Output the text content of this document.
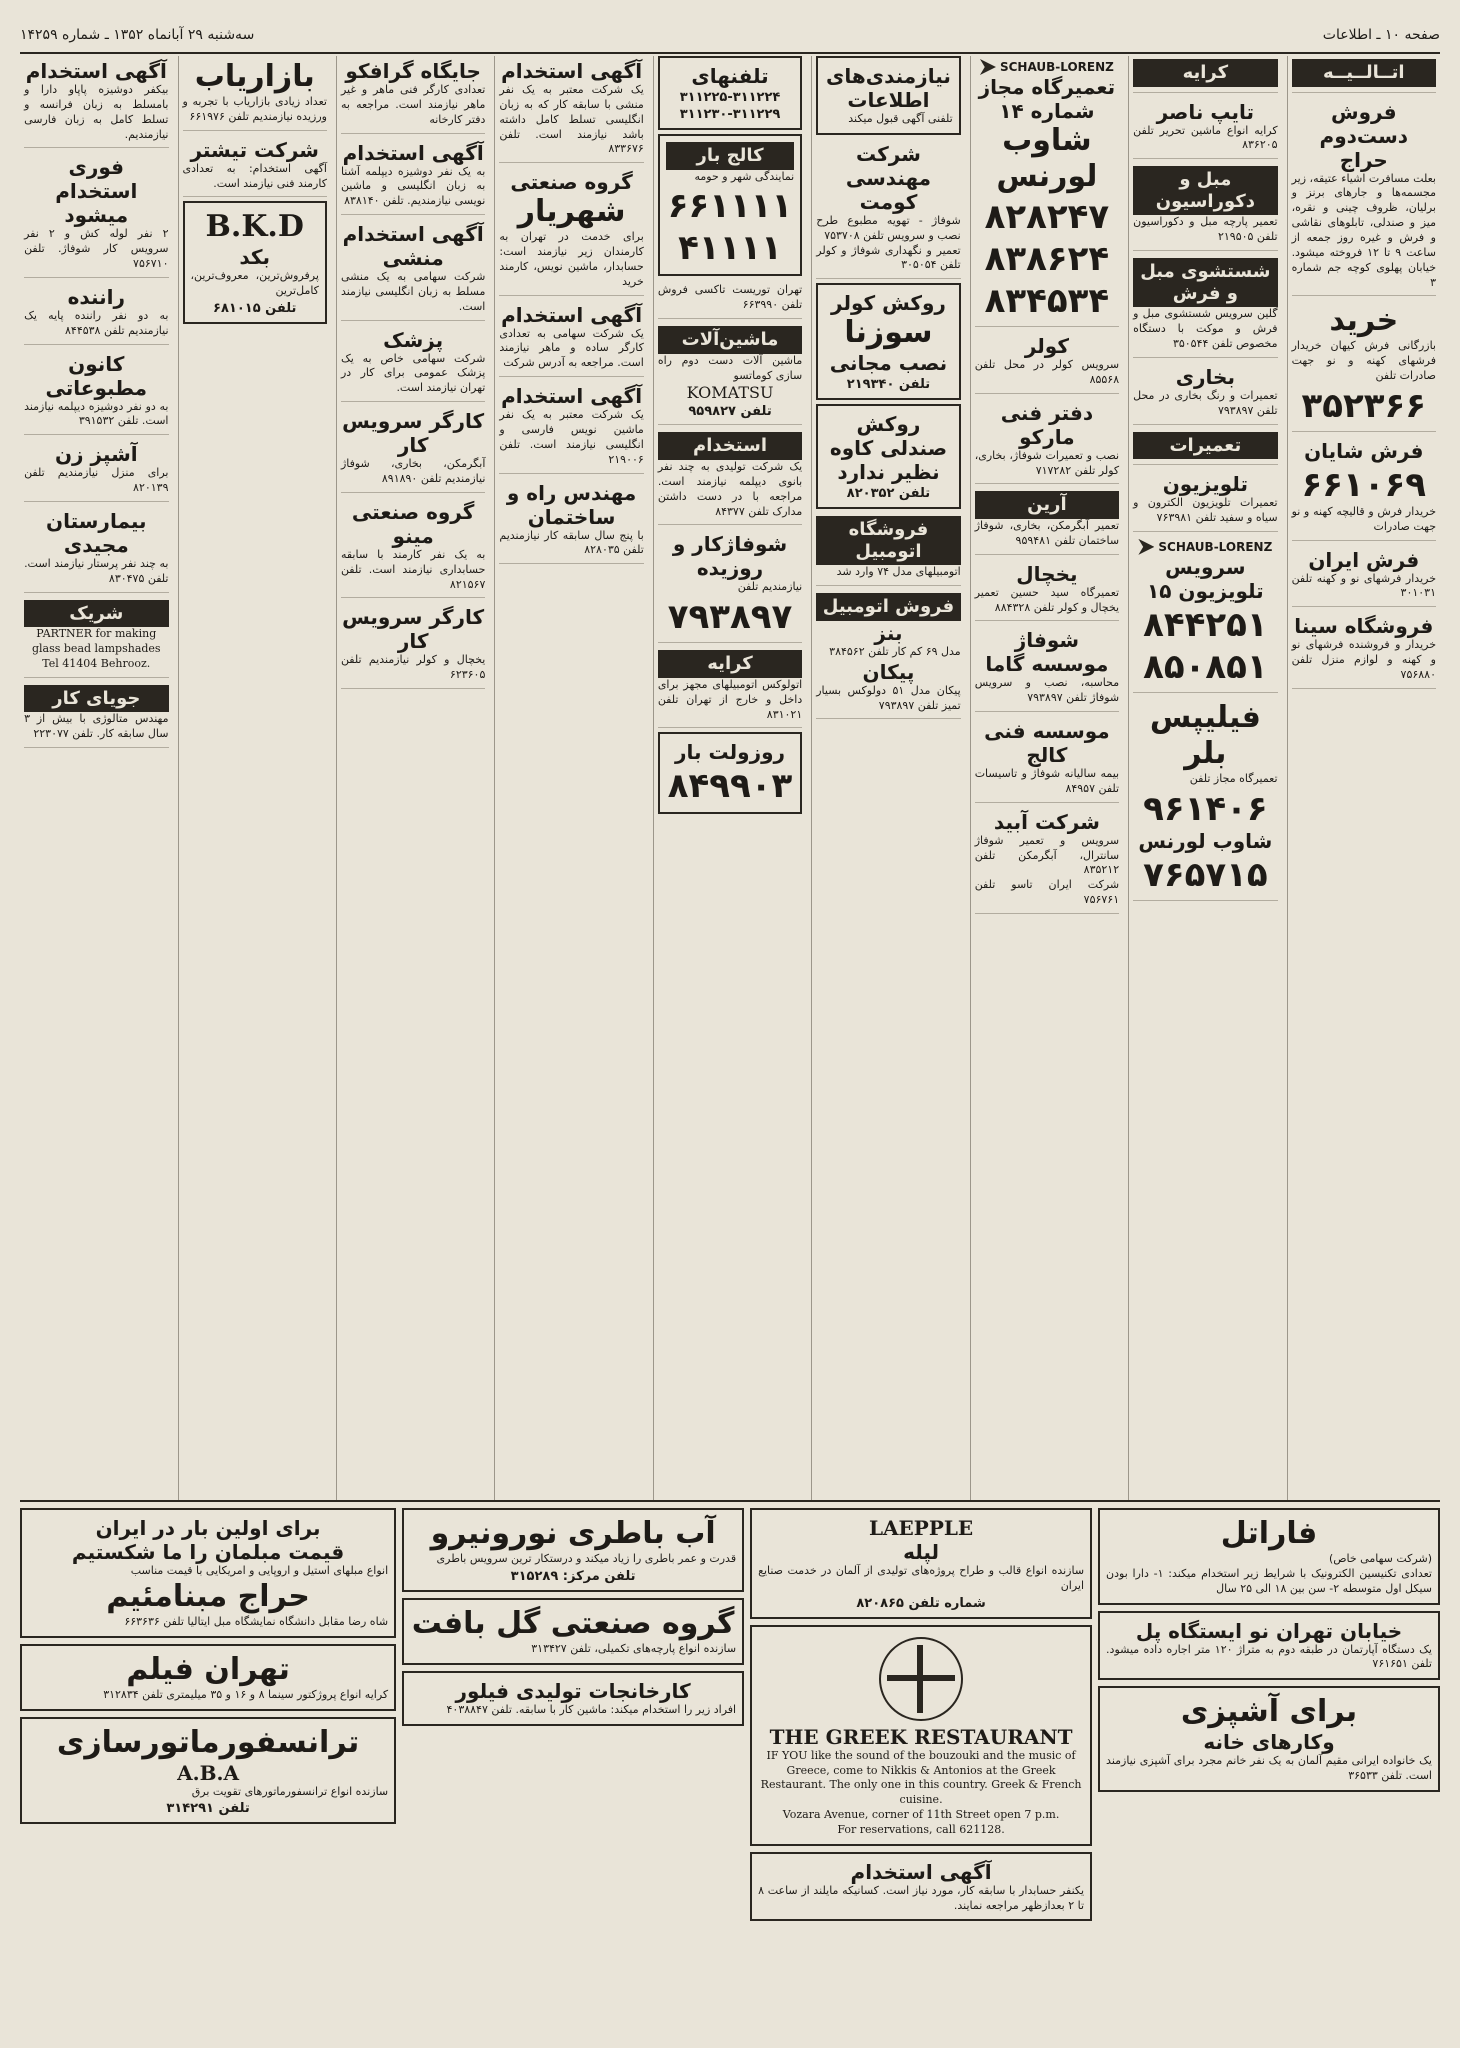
صفحه ۱۰ ـ اطلاعات
سه‌شنبه ۲۹ آبانماه ۱۳۵۲ ـ شماره ۱۴۲۵۹
اتــالــیــه
فروش دست‌دوم
حراج
بعلت مسافرت اشیاء عتیقه، زیر مجسمه‌ها و جارهای برنز و برلیان، ظروف چینی و نقره، میز و صندلی، تابلوهای نقاشی و فرش و غیره روز جمعه از ساعت ۹ تا ۱۲ فروخته میشود. خیابان پهلوی کوچه جم شماره ۳
خرید
بازرگانی فرش کیهان خریدار فرشهای کهنه و نو جهت صادرات تلفن
۳۵۲۳۶۶
فرش شایان
۶۶۱۰۶۹
خریدار فرش و قالیچه کهنه و نو جهت صادرات
فرش ایران
خریدار فرشهای نو و کهنه تلفن ۳۰۱۰۳۱
فروشگاه سینا
خریدار و فروشنده فرشهای نو و کهنه و لوازم منزل تلفن ۷۵۶۸۸۰
کرایه
تایپ ناصر
کرایه انواع ماشین تحریر تلفن ۸۳۶۲۰۵
مبل و دکوراسیون
تعمیر پارچه مبل و دکوراسیون تلفن ۲۱۹۵۰۵
شستشوی مبل و فرش
گلین سرویس شستشوی مبل و فرش و موکت با دستگاه مخصوص تلفن ۳۵۰۵۴۴
بخاری
تعمیرات و رنگ بخاری در محل تلفن ۷۹۳۸۹۷
تعمیرات
تلویزیون
تعمیرات تلویزیون الکترون و سیاه و سفید تلفن ۷۶۳۹۸۱
SCHAUB-LORENZ
سرویس تلویزیون ۱۵
۸۴۴۲۵۱
۸۵۰۸۵۱
فیلیپس بلر
تعمیرگاه مجاز تلفن
۹۶۱۴۰۶
شاوب لورنس
۷۶۵۷۱۵
SCHAUB-LORENZ
تعمیرگاه مجاز شماره ۱۴
شاوب لورنس
۸۲۸۲۴۷
۸۳۸۶۲۴
۸۳۴۵۳۴
کولر
سرویس کولر در محل تلفن ۸۵۵۶۸
دفتر فنی مارکو
نصب و تعمیرات شوفاژ، بخاری، کولر تلفن ۷۱۷۲۸۲
آرین
تعمیر آبگرمکن، بخاری، شوفاژ ساختمان تلفن ۹۵۹۴۸۱
یخچال
تعمیرگاه سید حسین تعمیر یخچال و کولر تلفن ۸۸۴۳۲۸
شوفاژ
موسسه گاما
محاسبه، نصب و سرویس شوفاژ تلفن ۷۹۳۸۹۷
موسسه فنی کالج
بیمه سالیانه شوفاژ و تاسیسات تلفن ۸۴۹۵۷
شرکت آبید
سرویس و تعمیر شوفاژ سانترال، آبگرمکن تلفن ۸۳۵۲۱۲
شرکت ایران تاسو تلفن ۷۵۶۷۶۱
نیازمندی‌های اطلاعات
تلفنی آگهی قبول میکند
شرکت مهندسی کومت
شوفاژ - تهویه مطبوع طرح نصب و سرویس تلفن ۷۵۳۷۰۸
تعمیر و نگهداری شوفاژ و کولر تلفن ۳۰۵۰۵۴
روکش کولر
سوزنا
نصب مجانی
تلفن ۲۱۹۳۴۰
روکش صندلی کاوه
نظیر ندارد
تلفن ۸۲۰۳۵۲
فروشگاه اتومبیل
اتومبیلهای مدل ۷۴ وارد شد
فروش اتومبیل
بنز
مدل ۶۹ کم کار تلفن ۳۸۴۵۶۲
پیکان
پیکان مدل ۵۱ دولوکس بسیار تمیز تلفن ۷۹۳۸۹۷
تلفنهای
۳۱۱۲۲۵-۳۱۱۲۲۴
۳۱۱۲۳۰-۳۱۱۲۲۹
کالج بار
نمایندگی شهر و حومه
۶۶۱۱۱۱
۴۱۱۱۱
تهران توریست تاکسی فروش تلفن ۶۶۳۹۹۰
ماشین‌آلات
ماشین آلات دست دوم راه سازی کوماتسو
KOMATSU
تلفن ۹۵۹۸۲۷
استخدام
یک شرکت تولیدی به چند نفر بانوی دیپلمه نیازمند است. مراجعه با در دست داشتن مدارک تلفن ۸۴۳۷۷
شوفاژکار و روزیده
نیازمندیم تلفن
۷۹۳۸۹۷
کرایه
اتولوکس اتومبیلهای مجهز برای داخل و خارج از تهران تلفن ۸۳۱۰۲۱
روزولت بار
۸۴۹۹۰۳
آگهی استخدام
یک شرکت معتبر به یک نفر منشی با سابقه کار که به زبان انگلیسی تسلط کامل داشته باشد نیازمند است. تلفن ۸۳۳۶۷۶
گروه صنعتی
شهریار
برای خدمت در تهران به کارمندان زیر نیازمند است: حسابدار، ماشین نویس، کارمند خرید
آگهی استخدام
یک شرکت سهامی به تعدادی کارگر ساده و ماهر نیازمند است. مراجعه به آدرس شرکت
آگهی استخدام
یک شرکت معتبر به یک نفر ماشین نویس فارسی و انگلیسی نیازمند است. تلفن ۲۱۹۰۰۶
مهندس راه و ساختمان
با پنج سال سابقه کار نیازمندیم تلفن ۸۲۸۰۳۵
جایگاه گرافکو
تعدادی کارگر فنی ماهر و غیر ماهر نیازمند است. مراجعه به دفتر کارخانه
آگهی استخدام
به یک نفر دوشیزه دیپلمه آشنا به زبان انگلیسی و ماشین نویسی نیازمندیم. تلفن ۸۳۸۱۴۰
آگهی استخدام منشی
شرکت سهامی به یک منشی مسلط به زبان انگلیسی نیازمند است.
پزشک
شرکت سهامی خاص به یک پزشک عمومی برای کار در تهران نیازمند است.
کارگر سرویس کار
آبگرمکن، بخاری، شوفاژ نیازمندیم تلفن ۸۹۱۸۹۰
گروه صنعتی مینو
به یک نفر کارمند با سابقه حسابداری نیازمند است. تلفن ۸۲۱۵۶۷
کارگر سرویس کار
یخچال و کولر نیازمندیم تلفن ۶۲۳۶۰۵
بازاریاب
تعداد زیادی بازاریاب با تجربه و ورزیده نیازمندیم تلفن ۶۶۱۹۷۶
شرکت تیشتر
آگهی استخدام: به تعدادی کارمند فنی نیازمند است.
B.K.D
بکد
پرفروش‌ترین، معروف‌ترین، کامل‌ترین
تلفن ۶۸۱۰۱۵
آگهی استخدام
بیکفر دوشیزه پاپاو دارا و بامسلط به زبان فرانسه و تسلط کامل به زبان فارسی نیازمندیم.
فوری استخدام میشود
۲ نفر لوله کش و ۲ نفر سرویس کار شوفاژ. تلفن ۷۵۶۷۱۰
راننده
به دو نفر راننده پایه یک نیازمندیم تلفن ۸۴۴۵۳۸
کانون مطبوعاتی
به دو نفر دوشیزه دیپلمه نیازمند است. تلفن ۳۹۱۵۳۲
آشپز زن
برای منزل نیازمندیم تلفن ۸۲۰۱۳۹
بیمارستان مجیدی
به چند نفر پرستار نیازمند است. تلفن ۸۳۰۴۷۵
شریک
PARTNER for making glass bead lampshades Tel 41404 Behrooz.
جویای کار
مهندس متالوژی با بیش از ۳ سال سابقه کار. تلفن ۲۲۳۰۷۷
برای اولین بار در ایران
قیمت مبلمان را ما شکستیم
انواع مبلهای استیل و اروپایی و امریکایی با قیمت مناسب
حراج مبنامئیم
شاه رضا مقابل دانشگاه نمایشگاه مبل ایتالیا تلفن ۶۶۳۶۳۶
تهران فیلم
کرایه انواع پروژکتور سینما ۸ و ۱۶ و ۳۵ میلیمتری تلفن ۳۱۲۸۳۴
ترانسفورماتورسازی
A.B.A
سازنده انواع ترانسفورماتورهای تقویت برق
تلفن ۳۱۴۲۹۱
آب باطری نورونیرو
قدرت و عمر باطری را زیاد میکند و درستکار ترین سرویس باطری
تلفن مرکز: ۳۱۵۲۸۹
گروه صنعتی گل بافت
سازنده انواع پارچه‌های تکمیلی، تلفن ۳۱۳۴۲۷
کارخانجات تولیدی فیلور
افراد زیر را استخدام میکند: ماشین کار با سابقه. تلفن ۴۰۳۸۸۴۷
LAEPPLE
لپله
سازنده انواع قالب و طراح پروژه‌های تولیدی از آلمان در خدمت صنایع ایران
شماره تلفن ۸۲۰۸۶۵
THE GREEK RESTAURANT
IF YOU like the sound of the bouzouki and the music of Greece, come to Nikkis & Antonios at the Greek Restaurant. The only one in this country. Greek & French cuisine.
Vozara Avenue, corner of 11th Street open 7 p.m.
For reservations, call 621128.
آگهی استخدام
یکنفر حسابدار با سابقه کار، مورد نیاز است. کسانیکه مایلند از ساعت ۸ تا ۲ بعدازظهر مراجعه نمایند.
فاراتل
(شرکت سهامی خاص)
تعدادی تکنیسین الکترونیک با شرایط زیر استخدام میکند: ۱- دارا بودن سیکل اول متوسطه ۲- سن بین ۱۸ الی ۲۵ سال
خیابان تهران نو ایستگاه پل
یک دستگاه آپارتمان در طبقه دوم به متراژ ۱۲۰ متر اجاره داده میشود. تلفن ۷۶۱۶۵۱
برای آشپزی
وکارهای خانه
یک خانواده ایرانی مقیم آلمان به یک نفر خانم مجرد برای آشپزی نیازمند است. تلفن ۳۶۵۳۳
